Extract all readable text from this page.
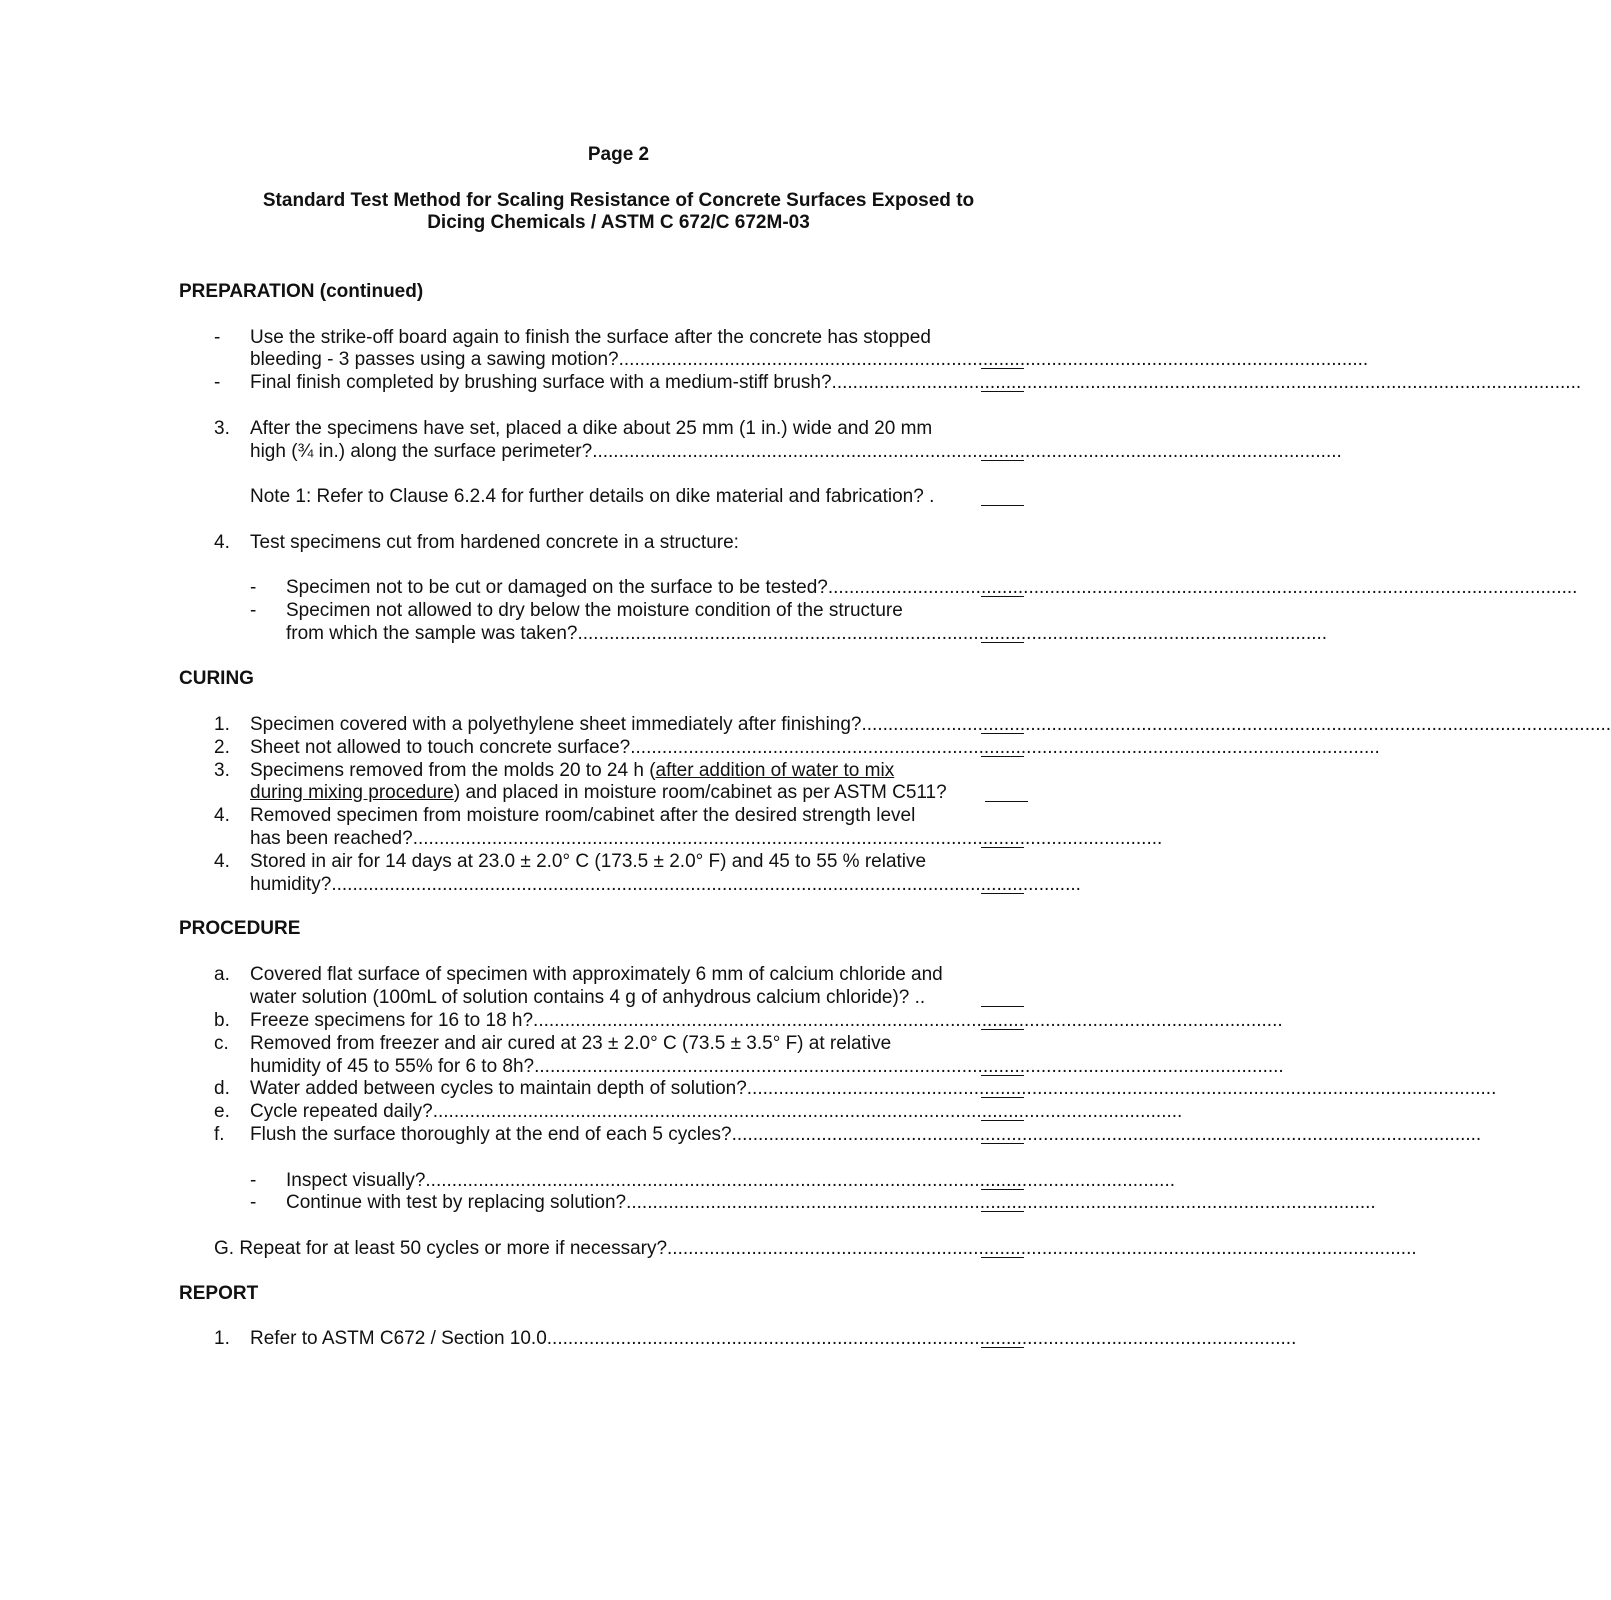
Page 2
Standard Test Method for Scaling Resistance of Concrete Surfaces Exposed to
Dicing Chemicals / ASTM C 672/C 672M-03
PREPARATION (continued)
- Use the strike-off board again to finish the surface after the concrete has stopped
bleeding - 3 passes using a sawing motion? ..............................................................................................................................................
- Final finish completed by brushing surface with a medium-stiff brush? ..............................................................................................................................................
3. After the specimens have set, placed a dike about 25 mm (1 in.) wide and 20 mm
high (¾ in.) along the surface perimeter? ..............................................................................................................................................
Note 1: Refer to Clause 6.2.4 for further details on dike material and fabrication? .
4. Test specimens cut from hardened concrete in a structure:
- Specimen not to be cut or damaged on the surface to be tested? ..............................................................................................................................................
- Specimen not allowed to dry below the moisture condition of the structure
from which the sample was taken? ..............................................................................................................................................
CURING
1. Specimen covered with a polyethylene sheet immediately after finishing? ..............................................................................................................................................
2. Sheet not allowed to touch concrete surface? ..............................................................................................................................................
3. Specimens removed from the molds 20 to 24 h (after addition of water to mix
during mixing procedure) and placed in moisture room/cabinet as per ASTM C511?
4. Removed specimen from moisture room/cabinet after the desired strength level
has been reached? ..............................................................................................................................................
4. Stored in air for 14 days at 23.0 ± 2.0° C (173.5 ± 2.0° F) and 45 to 55 % relative
humidity? ..............................................................................................................................................
PROCEDURE
a. Covered flat surface of specimen with approximately 6 mm of calcium chloride and
water solution (100mL of solution contains 4 g of anhydrous calcium chloride)? ..
b. Freeze specimens for 16 to 18 h? ..............................................................................................................................................
c. Removed from freezer and air cured at 23 ± 2.0° C (73.5 ± 3.5° F) at relative
humidity of 45 to 55% for 6 to 8h? ..............................................................................................................................................
d. Water added between cycles to maintain depth of solution? ..............................................................................................................................................
e. Cycle repeated daily? ..............................................................................................................................................
f. Flush the surface thoroughly at the end of each 5 cycles? ..............................................................................................................................................
- Inspect visually? ..............................................................................................................................................
- Continue with test by replacing solution? ..............................................................................................................................................
G. Repeat for at least 50 cycles or more if necessary? ..............................................................................................................................................
REPORT
1. Refer to ASTM C672 / Section 10.0 ..............................................................................................................................................
